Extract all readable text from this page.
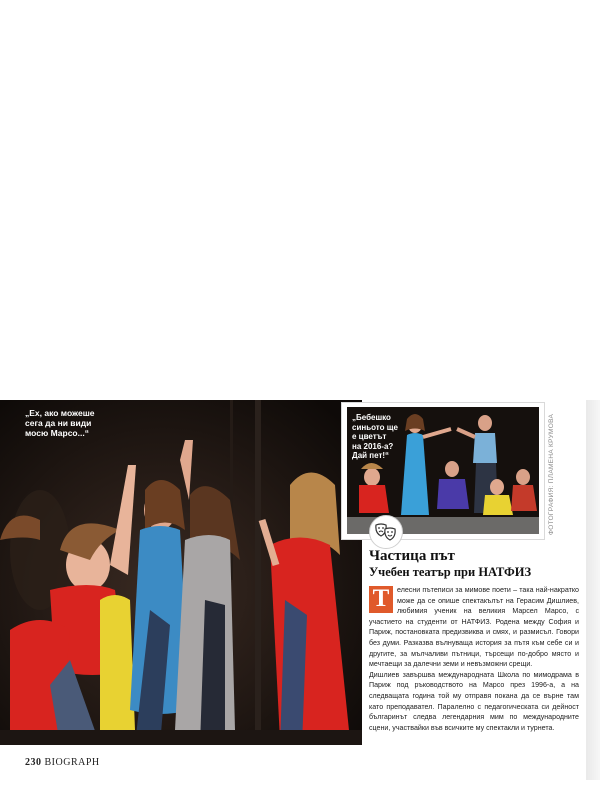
„Ех, ако можеше
сега да ни види
мосю Марсо...“
„Бебешко
синьото ще
е цветът
на 2016-а?
Дай пет!“	ФОТОГРАФИЯ: ПЛАМЕНА КРУМОВА
Частица път
Учебен театър при НАТФИЗ
Т	елесни пътеписи за мимове поети – така най-накратко може да се опише спектакълът на Герасим Дишлиев, любимия ученик на великия Марсел Марсо, с участието на студенти от НАТФИЗ. Родена между София и Париж, постановката предизвиква и смях, и размисъл. Говори без думи. Разказва вълнуваща история за пътя към себе си и другите, за мълчаливи пътници, търсещи по-добро място и мечтаещи за далечни земи и невъзможни срещи.

Дишлиев завършва международната Школа по мимодрама в Париж под ръководството на Марсо през 1996-а, а на следващата година той му отправя покана да се върне там като преподавател. Паралелно с педагогическата си дейност българинът следва легендарния мим по международните сцени, участвайки във всичките му спектакли и турнета.

230 BIOGRAPH
